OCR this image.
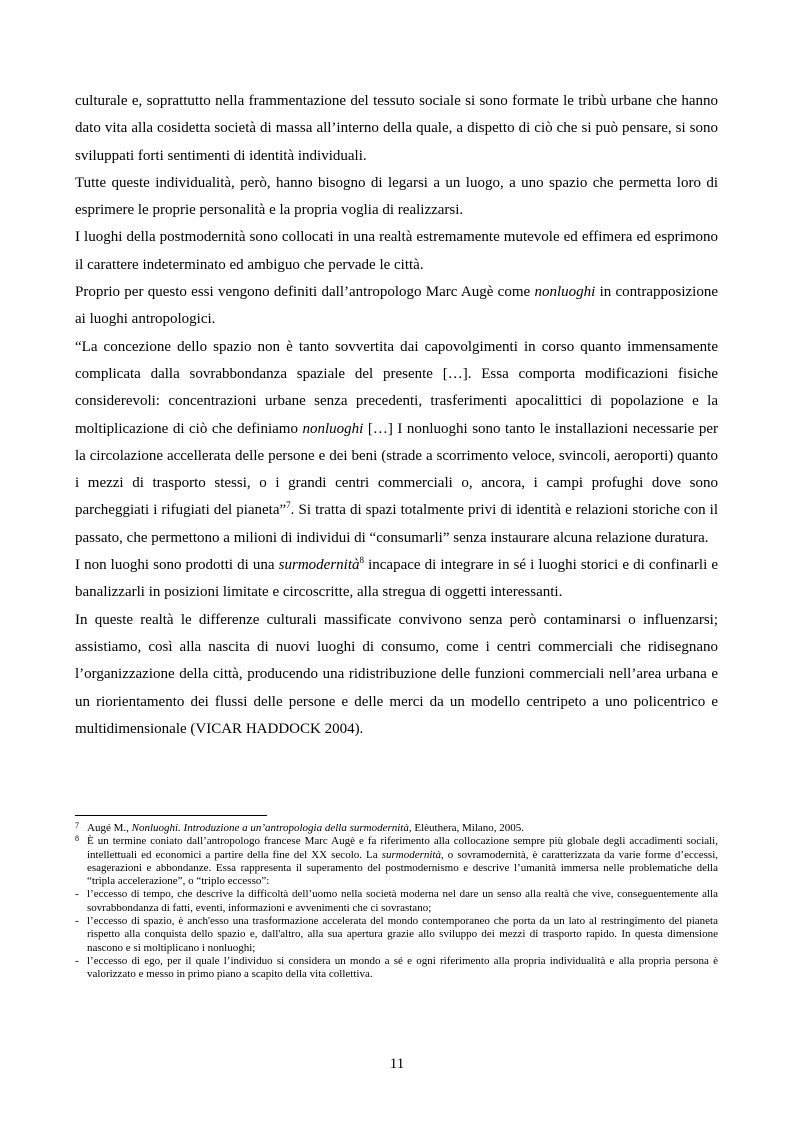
culturale e, soprattutto nella frammentazione del tessuto sociale si sono formate le tribù urbane che hanno dato vita alla cosidetta società di massa all’interno della quale, a dispetto di ciò che si può pensare, si sono sviluppati forti sentimenti di identità individuali.

Tutte queste individualità, però, hanno bisogno di legarsi a un luogo, a uno spazio che permetta loro di esprimere le proprie personalità e la propria voglia di realizzarsi.

I luoghi della postmodernità sono collocati in una realtà estremamente mutevole ed effimera ed esprimono il carattere indeterminato ed ambiguo che pervade le città.

Proprio per questo essi vengono definiti dall’antropologo Marc Augè come nonluoghi in contrapposizione ai luoghi antropologici.

“La concezione dello spazio non è tanto sovvertita dai capovolgimenti in corso quanto immensamente complicata dalla sovrabbondanza spaziale del presente […]. Essa comporta modificazioni fisiche considerevoli: concentrazioni urbane senza precedenti, trasferimenti apocalittici di popolazione e la moltiplicazione di ciò che definiamo nonluoghi […] I nonluoghi sono tanto le installazioni necessarie per la circolazione accellerata delle persone e dei beni (strade a scorrimento veloce, svincoli, aeroporti) quanto i mezzi di trasporto stessi, o i grandi centri commerciali o, ancora, i campi profughi dove sono parcheggiati i rifugiati del pianeta”$^7$. Si tratta di spazi totalmente privi di identità e relazioni storiche con il passato, che permettono a milioni di individui di “consumarli” senza instaurare alcuna relazione duratura.

I non luoghi sono prodotti di una surmodernità$^8$ incapace di integrare in sé i luoghi storici e di confinarli e banalizzarli in posizioni limitate e circoscritte, alla stregua di oggetti interessanti.

In queste realtà le differenze culturali massificate convivono senza però contaminarsi o influenzarsi; assistiamo, così alla nascita di nuovi luoghi di consumo, come i centri commerciali che ridisegnano l’organizzazione della città, producendo una ridistribuzione delle funzioni commerciali nell’area urbana e un riorientamento dei flussi delle persone e delle merci da un modello centripeto a uno policentrico e multidimensionale (VICAR HADDOCK 2004).

7 Augé M., Nonluoghi. Introduzione a un’antropologia della surmodernità, Elèuthera, Milano, 2005.

8 È un termine coniato dall’antropologo francese Marc Augè e fa riferimento alla collocazione sempre più globale degli accadimenti sociali, intellettuali ed economici a partire della fine del XX secolo. La surmodernità, o sovramodernità, è caratterizzata da varie forme d’eccessi, esagerazioni e abbondanze. Essa rappresenta il superamento del postmodernismo e descrive l’umanità immersa nelle problematiche della “tripla accelerazione”, o “triplo eccesso”:

- l’eccesso di tempo, che descrive la difficoltà dell’uomo nella società moderna nel dare un senso alla realtà che vive, conseguentemente alla sovrabbondanza di fatti, eventi, informazioni e avvenimenti che ci sovrastano;
- l’eccesso di spazio, è anch'esso una trasformazione accelerata del mondo contemporaneo che porta da un lato al restringimento del pianeta rispetto alla conquista dello spazio e, dall'altro, alla sua apertura grazie allo sviluppo dei mezzi di trasporto rapido. In questa dimensione nascono e si moltiplicano i nonluoghi;
- l’eccesso di ego, per il quale l’individuo si considera un mondo a sé e ogni riferimento alla propria individualità e alla propria persona è valorizzato e messo in primo piano a scapito della vita collettiva.
11
